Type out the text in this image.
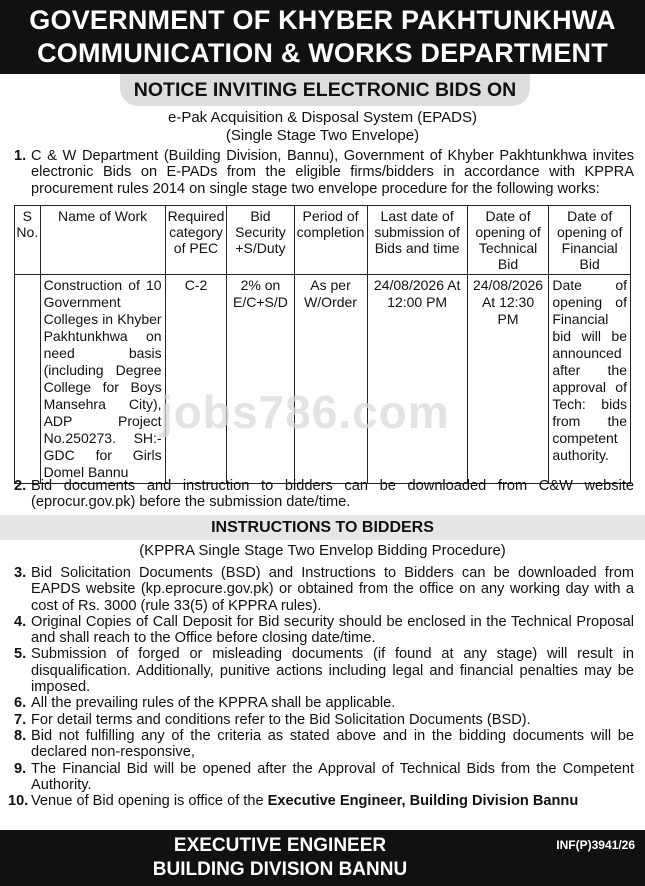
GOVERNMENT OF KHYBER PAKHTUNKHWA
COMMUNICATION & WORKS DEPARTMENT
NOTICE INVITING ELECTRONIC BIDS ON
e-Pak Acquisition & Disposal System (EPADS)
(Single Stage Two Envelope)
1. C & W Department (Building Division, Bannu), Government of Khyber Pakhtunkhwa invites electronic Bids on E-PADs from the eligible firms/bidders in accordance with KPPRA procurement rules 2014 on single stage two envelope procedure for the following works:
S No.	Name of Work	Required category of PEC	Bid Security +S/Duty	Period of completion	Last date of submission of Bids and time	Date of opening of Technical Bid	Date of opening of Financial Bid
	Construction of 10 Government Colleges in Khyber Pakhtunkhwa on need basis (including Degree College for Boys Mansehra City), ADP Project No.250273. SH:- GDC for Girls Domel Bannu	C-2	2% on E/C+S/D	As per W/Order	24/08/2026 At 12:00 PM	24/08/2026 At 12:30 PM	Date of opening of Financial bid will be announced after the approval of Tech: bids from the competent authority.
jobs786.com
2. Bid documents and instruction to bidders can be downloaded from C&W website (eprocur.gov.pk) before the submission date/time.
INSTRUCTIONS TO BIDDERS
(KPPRA Single Stage Two Envelop Bidding Procedure)
3. Bid Solicitation Documents (BSD) and Instructions to Bidders can be downloaded from EAPDS website (kp.eprocure.gov.pk) or obtained from the office on any working day with a cost of Rs. 3000 (rule 33(5) of KPPRA rules).
4. Original Copies of Call Deposit for Bid security should be enclosed in the Technical Proposal and shall reach to the Office before closing date/time.
5. Submission of forged or misleading documents (if found at any stage) will result in disqualification. Additionally, punitive actions including legal and financial penalties may be imposed.
6. All the prevailing rules of the KPPRA shall be applicable.
7. For detail terms and conditions refer to the Bid Solicitation Documents (BSD).
8. Bid not fulfilling any of the criteria as stated above and in the bidding documents will be declared non-responsive,
9. The Financial Bid will be opened after the Approval of Technical Bids from the Competent Authority.
10. Venue of Bid opening is office of the Executive Engineer, Building Division Bannu
EXECUTIVE ENGINEER
BUILDING DIVISION BANNU
INF(P)3941/26
